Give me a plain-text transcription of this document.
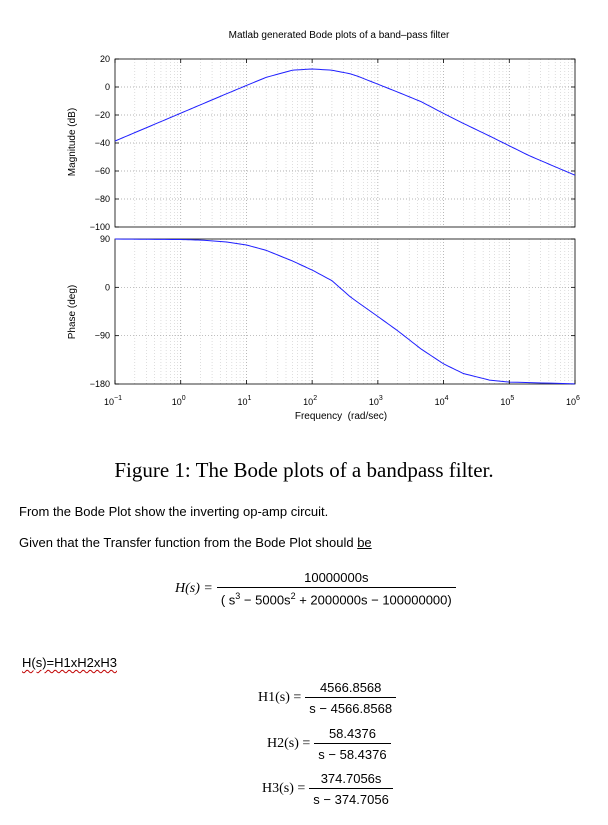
Matlab generated Bode plots of a band–pass filter
20
0
−20
−40
−60
−80
−100
90
0
−90
−180
$10^{-1}$	$10^0$	$10^1$	$10^2$	$10^3$	$10^4$	$10^5$	$10^6$
Magnitude (dB)
Phase (deg)
Frequency  (rad/sec)
Figure 1: The Bode plots of a bandpass filter.
From the Bode Plot show the inverting op-amp circuit.
Given that the Transfer function from the Bode Plot should be
$H(s) = \frac{10000000s}{( s^3 - 5000s^2 + 2000000s - 100000000)}$
H(s)=H1xH2xH3
$H1(s) = \frac{4566.8568}{s - 4566.8568}$
$H2(s) = \frac{58.4376}{s - 58.4376}$
$H3(s) = \frac{374.7056s}{s - 374.7056}$
